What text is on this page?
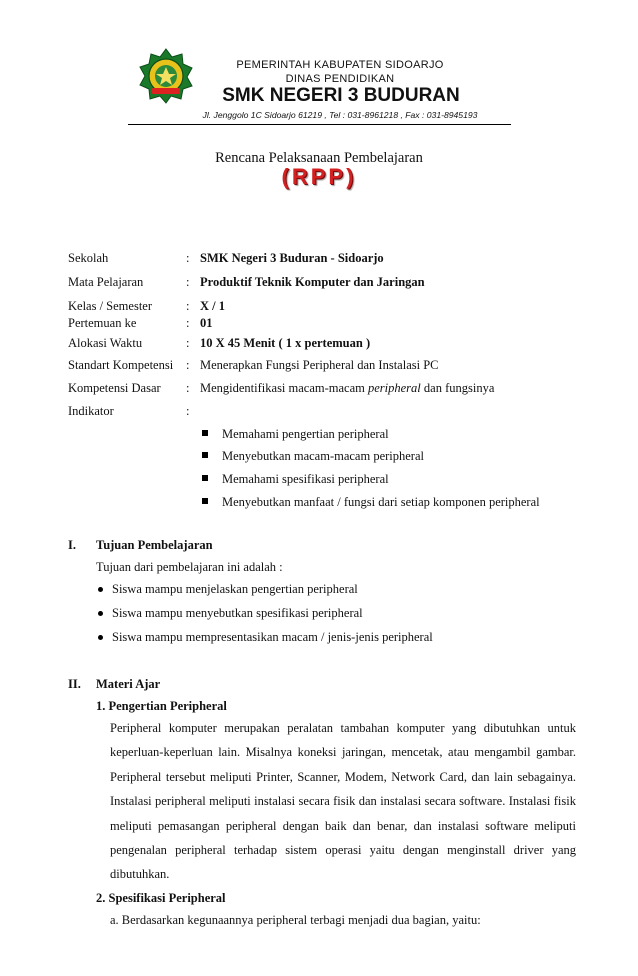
PEMERINTAH KABUPATEN SIDOARJO
DINAS PENDIDIKAN
SMK NEGERI 3 BUDURAN
Jl. Jenggolo 1C Sidoarjo 61219 , Tel : 031-8961218 , Fax : 031-8945193
Rencana Pelaksanaan Pembelajaran
(RPP)
Sekolah	: SMK Negeri 3 Buduran - Sidoarjo
Mata Pelajaran	: Produktif Teknik Komputer dan Jaringan
Kelas / Semester	: X / 1
Pertemuan ke	: 01
Alokasi Waktu	: 10 X 45 Menit ( 1 x pertemuan )
Standart Kompetensi : Menerapkan Fungsi Peripheral dan Instalasi PC
Kompetensi Dasar : Mengidentifikasi macam-macam peripheral dan fungsinya
Indikator	:
Memahami pengertian peripheral
Menyebutkan macam-macam peripheral
Memahami spesifikasi peripheral
Menyebutkan manfaat / fungsi dari setiap komponen peripheral
I. Tujuan Pembelajaran
Tujuan dari pembelajaran ini adalah :
Siswa mampu menjelaskan pengertian peripheral
Siswa mampu menyebutkan spesifikasi peripheral
Siswa mampu mempresentasikan macam / jenis-jenis peripheral
II. Materi Ajar
1. Pengertian Peripheral
Peripheral komputer merupakan peralatan tambahan komputer yang dibutuhkan untuk
keperluan-keperluan lain. Misalnya koneksi jaringan, mencetak, atau mengambil gambar.
Peripheral tersebut meliputi Printer, Scanner, Modem, Network Card, dan lain sebagainya.
Instalasi peripheral meliputi instalasi secara fisik dan instalasi secara software. Instalasi fisik
meliputi pemasangan peripheral dengan baik dan benar, dan instalasi software meliputi
pengenalan peripheral terhadap sistem operasi yaitu dengan menginstall driver yang
dibutuhkan.
2. Spesifikasi Peripheral
a. Berdasarkan kegunaannya peripheral terbagi menjadi dua bagian, yaitu:
